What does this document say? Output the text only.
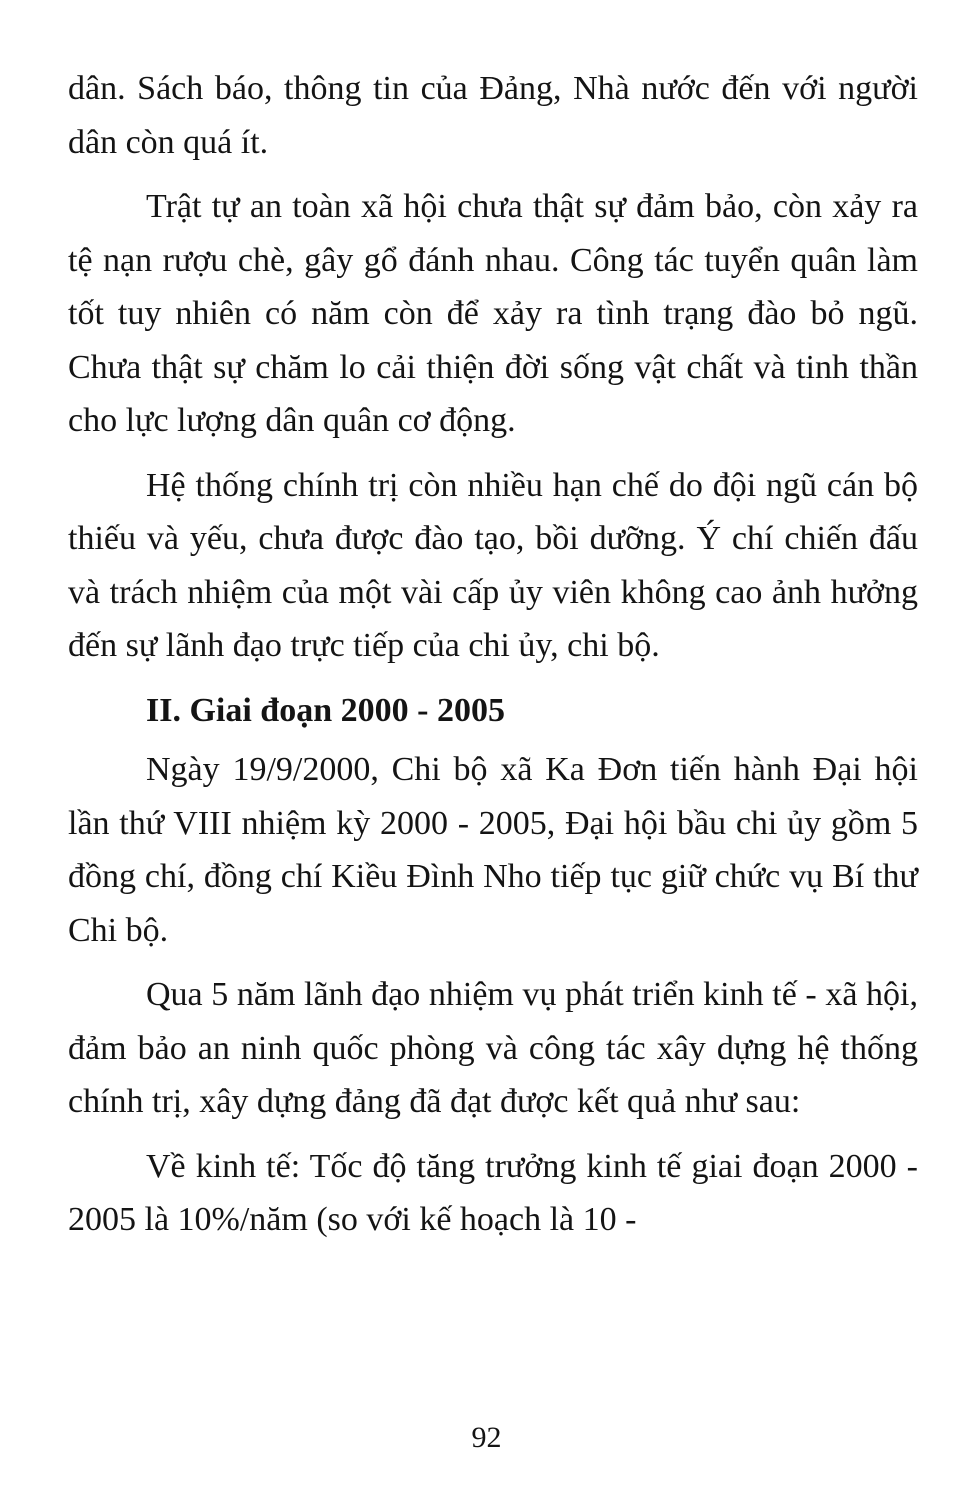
dân. Sách báo, thông tin của Đảng, Nhà nước đến với người dân còn quá ít.

Trật tự an toàn xã hội chưa thật sự đảm bảo, còn xảy ra tệ nạn rượu chè, gây gổ đánh nhau. Công tác tuyển quân làm tốt tuy nhiên có năm còn để xảy ra tình trạng đào bỏ ngũ. Chưa thật sự chăm lo cải thiện đời sống vật chất và tinh thần cho lực lượng dân quân cơ động.

Hệ thống chính trị còn nhiều hạn chế do đội ngũ cán bộ thiếu và yếu, chưa được đào tạo, bồi dưỡng. Ý chí chiến đấu và trách nhiệm của một vài cấp ủy viên không cao ảnh hưởng đến sự lãnh đạo trực tiếp của chi ủy, chi bộ.

II. Giai đoạn 2000 - 2005

Ngày 19/9/2000, Chi bộ xã Ka Đơn tiến hành Đại hội lần thứ VIII nhiệm kỳ 2000 - 2005, Đại hội bầu chi ủy gồm 5 đồng chí, đồng chí Kiều Đình Nho tiếp tục giữ chức vụ Bí thư Chi bộ.

Qua 5 năm lãnh đạo nhiệm vụ phát triển kinh tế - xã hội, đảm bảo an ninh quốc phòng và công tác xây dựng hệ thống chính trị, xây dựng đảng đã đạt được kết quả như sau:

Về kinh tế: Tốc độ tăng trưởng kinh tế giai đoạn 2000 - 2005 là 10%/năm (so với kế hoạch là 10 -

92
